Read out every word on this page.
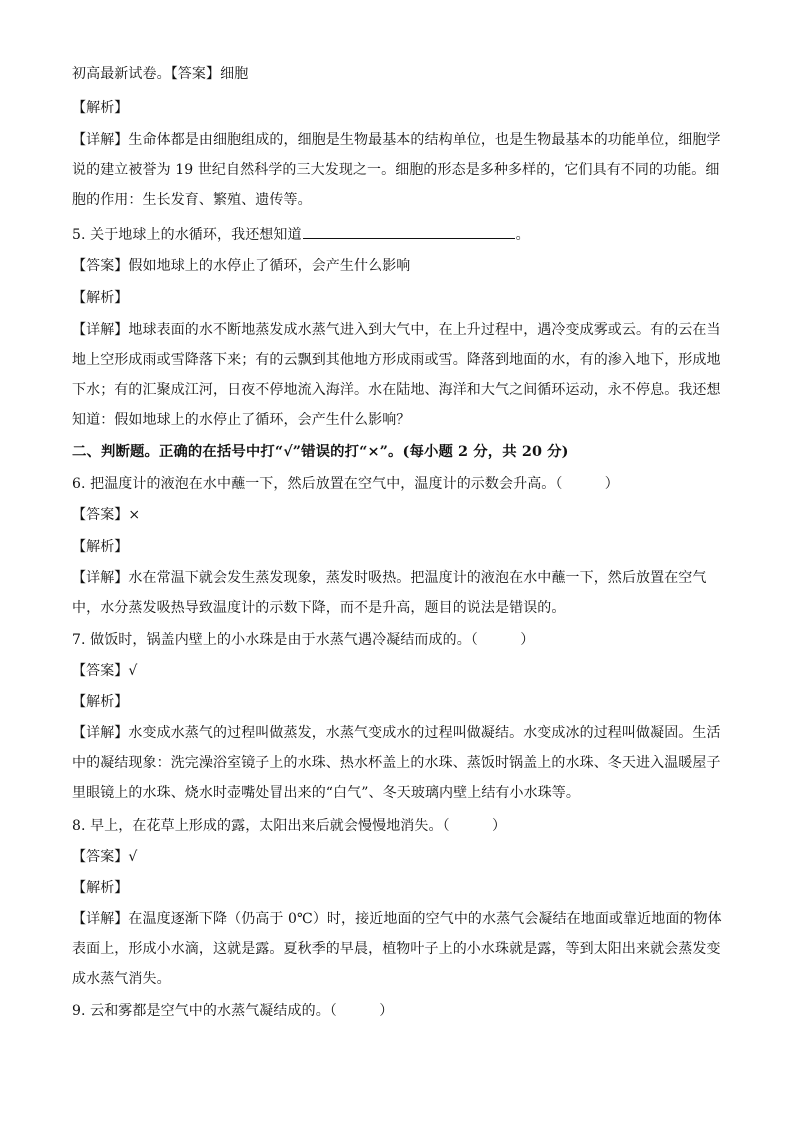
初高最新试卷。【答案】细胞
【解析】
【详解】生命体都是由细胞组成的，细胞是生物最基本的结构单位，也是生物最基本的功能单位，细胞学
说的建立被誉为 19 世纪自然科学的三大发现之一。细胞的形态是多种多样的，它们具有不同的功能。细
胞的作用：生长发育、繁殖、遗传等。
5. 关于地球上的水循环，我还想知道	。
【答案】假如地球上的水停止了循环，会产生什么影响
【解析】
【详解】地球表面的水不断地蒸发成水蒸气进入到大气中，在上升过程中，遇冷变成雾或云。有的云在当
地上空形成雨或雪降落下来；有的云飘到其他地方形成雨或雪。降落到地面的水，有的渗入地下，形成地
下水；有的汇聚成江河，日夜不停地流入海洋。水在陆地、海洋和大气之间循环运动，永不停息。我还想
知道：假如地球上的水停止了循环，会产生什么影响？
二、判断题。正确的在括号中打“√”错误的打“×”。(每小题 2 分，共 20 分)
6. 把温度计的液泡在水中蘸一下，然后放置在空气中，温度计的示数会升高。（　　　）
【答案】×
【解析】
【详解】水在常温下就会发生蒸发现象，蒸发时吸热。把温度计的液泡在水中蘸一下，然后放置在空气
中，水分蒸发吸热导致温度计的示数下降，而不是升高，题目的说法是错误的。
7. 做饭时，锅盖内壁上的小水珠是由于水蒸气遇冷凝结而成的。（　　　）
【答案】√
【解析】
【详解】水变成水蒸气的过程叫做蒸发，水蒸气变成水的过程叫做凝结。水变成冰的过程叫做凝固。生活
中的凝结现象：洗完澡浴室镜子上的水珠、热水杯盖上的水珠、蒸饭时锅盖上的水珠、冬天进入温暖屋子
里眼镜上的水珠、烧水时壶嘴处冒出来的“白气”、冬天玻璃内壁上结有小水珠等。
8. 早上，在花草上形成的露，太阳出来后就会慢慢地消失。（　　　）
【答案】√
【解析】
【详解】在温度逐渐下降（仍高于 0℃）时，接近地面的空气中的水蒸气会凝结在地面或靠近地面的物体
表面上，形成小水滴，这就是露。夏秋季的早晨，植物叶子上的小水珠就是露，等到太阳出来就会蒸发变
成水蒸气消失。
9. 云和雾都是空气中的水蒸气凝结成的。（　　　）
